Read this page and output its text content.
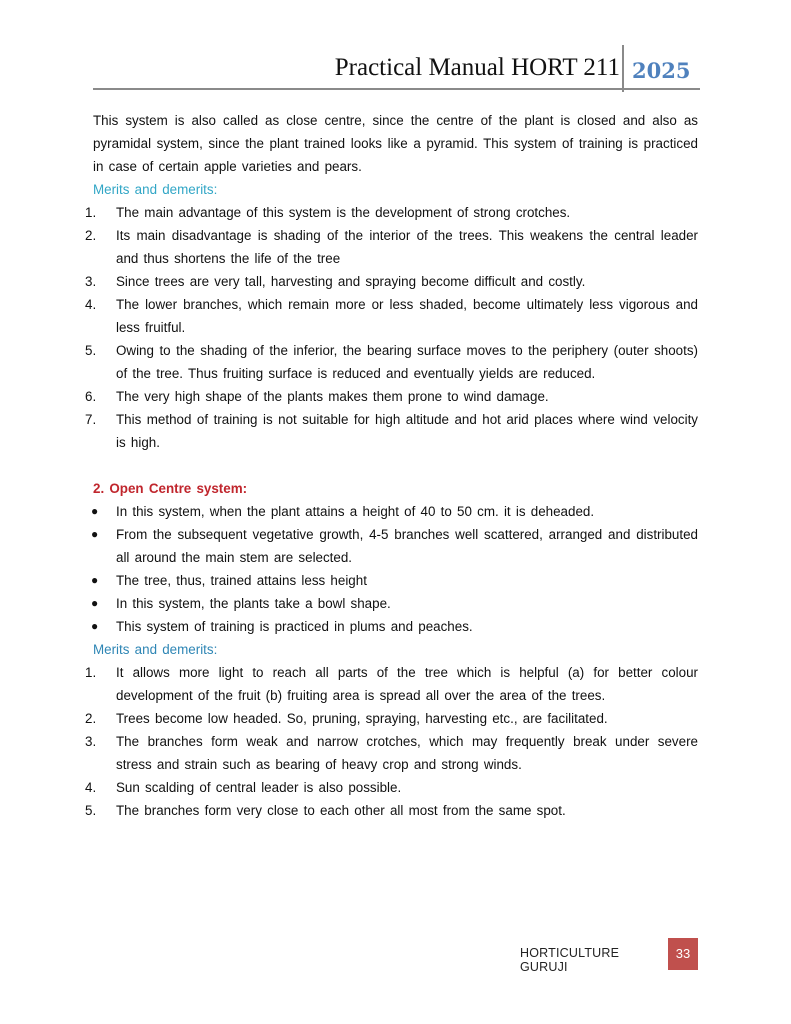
Practical Manual HORT 211 2025

This system is also called as close centre, since the centre of the plant is closed and also as pyramidal system, since the plant trained looks like a pyramid. This system of training is practiced in case of certain apple varieties and pears.

Merits and demerits:

1.	The main advantage of this system is the development of strong crotches.
2.	Its main disadvantage is shading of the interior of the trees. This weakens the central leader and thus shortens the life of the tree
3.	Since trees are very tall, harvesting and spraying become difficult and costly.
4.	The lower branches, which remain more or less shaded, become ultimately less vigorous and less fruitful.
5.	Owing to the shading of the inferior, the bearing surface moves to the periphery (outer shoots) of the tree. Thus fruiting surface is reduced and eventually yields are reduced.
6.	The very high shape of the plants makes them prone to wind damage.
7.	This method of training is not suitable for high altitude and hot arid places where wind velocity is high.

2. Open Centre system:

●	In this system, when the plant attains a height of 40 to 50 cm. it is deheaded.
●	From the subsequent vegetative growth, 4-5 branches well scattered, arranged and distributed all around the main stem are selected.
●	The tree, thus, trained attains less height
●	In this system, the plants take a bowl shape.
●	This system of training is practiced in plums and peaches.

Merits and demerits:

1.	It allows more light to reach all parts of the tree which is helpful (a) for better colour development of the fruit (b) fruiting area is spread all over the area of the trees.
2.	Trees become low headed. So, pruning, spraying, harvesting etc., are facilitated.
3.	The branches form weak and narrow crotches, which may frequently break under severe stress and strain such as bearing of heavy crop and strong winds.
4.	Sun scalding of central leader is also possible.
5.	The branches form very close to each other all most from the same spot.
HORTICULTURE GURUJI
33
